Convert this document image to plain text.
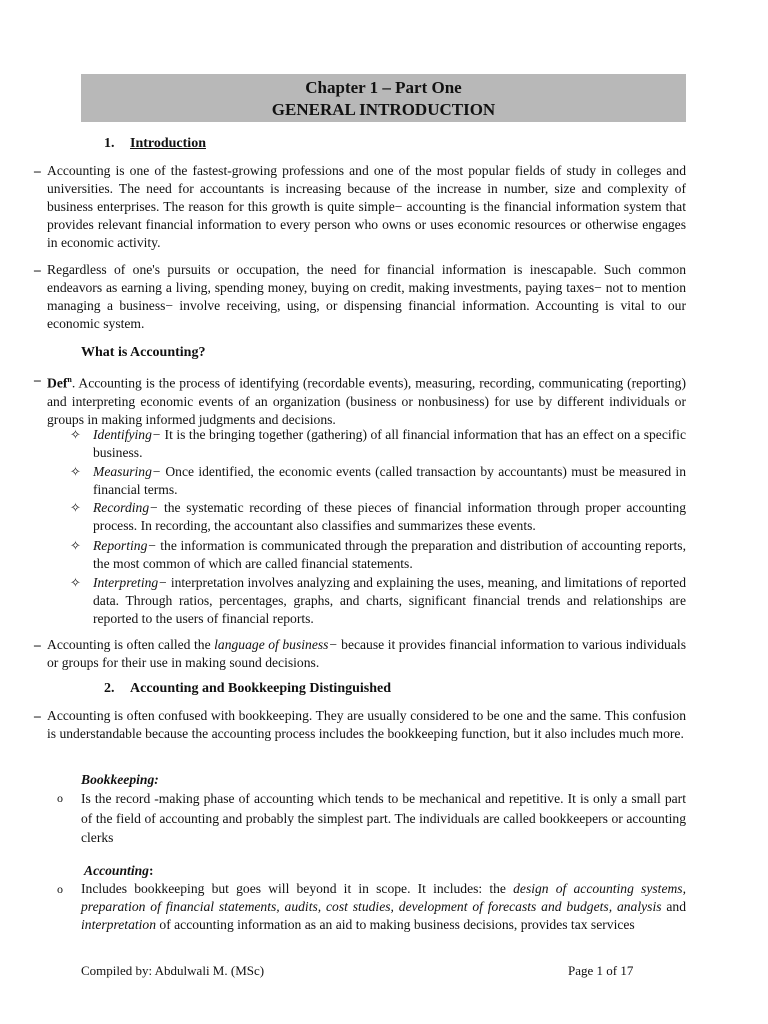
Chapter 1 – Part One
GENERAL INTRODUCTION
1. Introduction
– Accounting is one of the fastest-growing professions and one of the most popular fields of study in colleges and universities. The need for accountants is increasing because of the increase in number, size and complexity of business enterprises. The reason for this growth is quite simple− accounting is the financial information system that provides relevant financial information to every person who owns or uses economic resources or otherwise engages in economic activity.
– Regardless of one's pursuits or occupation, the need for financial information is inescapable. Such common endeavors as earning a living, spending money, buying on credit, making investments, paying taxes− not to mention managing a business− involve receiving, using, or dispensing financial information. Accounting is vital to our economic system.
What is Accounting?
– Def$^n$. Accounting is the process of identifying (recordable events), measuring, recording, communicating (reporting) and interpreting economic events of an organization (business or nonbusiness) for use by different individuals or groups in making informed judgments and decisions.
✧ Identifying− It is the bringing together (gathering) of all financial information that has an effect on a specific business.
✧ Measuring− Once identified, the economic events (called transaction by accountants) must be measured in financial terms.
✧ Recording− the systematic recording of these pieces of financial information through proper accounting process. In recording, the accountant also classifies and summarizes these events.
✧ Reporting− the information is communicated through the preparation and distribution of accounting reports, the most common of which are called financial statements.
✧ Interpreting− interpretation involves analyzing and explaining the uses, meaning, and limitations of reported data. Through ratios, percentages, graphs, and charts, significant financial trends and relationships are reported to the users of financial reports.
– Accounting is often called the language of business− because it provides financial information to various individuals or groups for their use in making sound decisions.
2. Accounting and Bookkeeping Distinguished
– Accounting is often confused with bookkeeping. They are usually considered to be one and the same. This confusion is understandable because the accounting process includes the bookkeeping function, but it also includes much more.
Bookkeeping:
o Is the record -making phase of accounting which tends to be mechanical and repetitive. It is only a small part of the field of accounting and probably the simplest part. The individuals are called bookkeepers or accounting clerks
Accounting:
o Includes bookkeeping but goes will beyond it in scope. It includes: the design of accounting systems, preparation of financial statements, audits, cost studies, development of forecasts and budgets, analysis and interpretation of accounting information as an aid to making business decisions, provides tax services
Compiled by: Abdulwali M. (MSc)	Page 1 of 17
